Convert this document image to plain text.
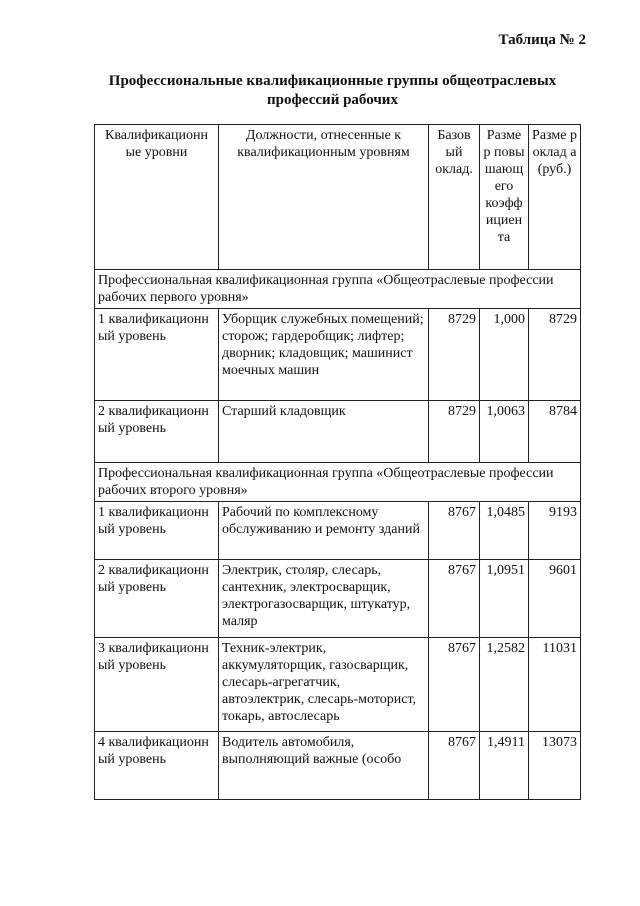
Таблица № 2
Профессиональные квалификационные группы общеотраслевых профессий рабочих
Квалификационн ые уровни	Должности, отнесенные к квалификационным уровням	Базов ый оклад.	Разме р повы шающ его коэфф ициен та	Разме р оклад а (руб.)
Профессиональная квалификационная группа «Общеотраслевые профессии рабочих первого уровня»				
1 квалификационн ый уровень	Уборщик служебных помещений; сторож; гардеробщик; лифтер; дворник; кладовщик; машинист моечных машин	8729	1,000	8729
2 квалификационн ый уровень	Старший кладовщик	8729	1,0063	8784
Профессиональная квалификационная группа «Общеотраслевые профессии рабочих второго уровня»				
1 квалификационн ый уровень	Рабочий по комплексному обслуживанию и ремонту зданий	8767	1,0485	9193
2 квалификационн ый уровень	Электрик, столяр, слесарь, сантехник, электросварщик, электрогазосварщик, штукатур, маляр	8767	1,0951	9601
3 квалификационн ый уровень	Техник-электрик, аккумуляторщик, газосварщик, слесарь-агрегатчик, автоэлектрик, слесарь-моторист, токарь, автослесарь	8767	1,2582	11031
4 квалификационн ый уровень	Водитель автомобиля, выполняющий важные (особо	8767	1,4911	13073
